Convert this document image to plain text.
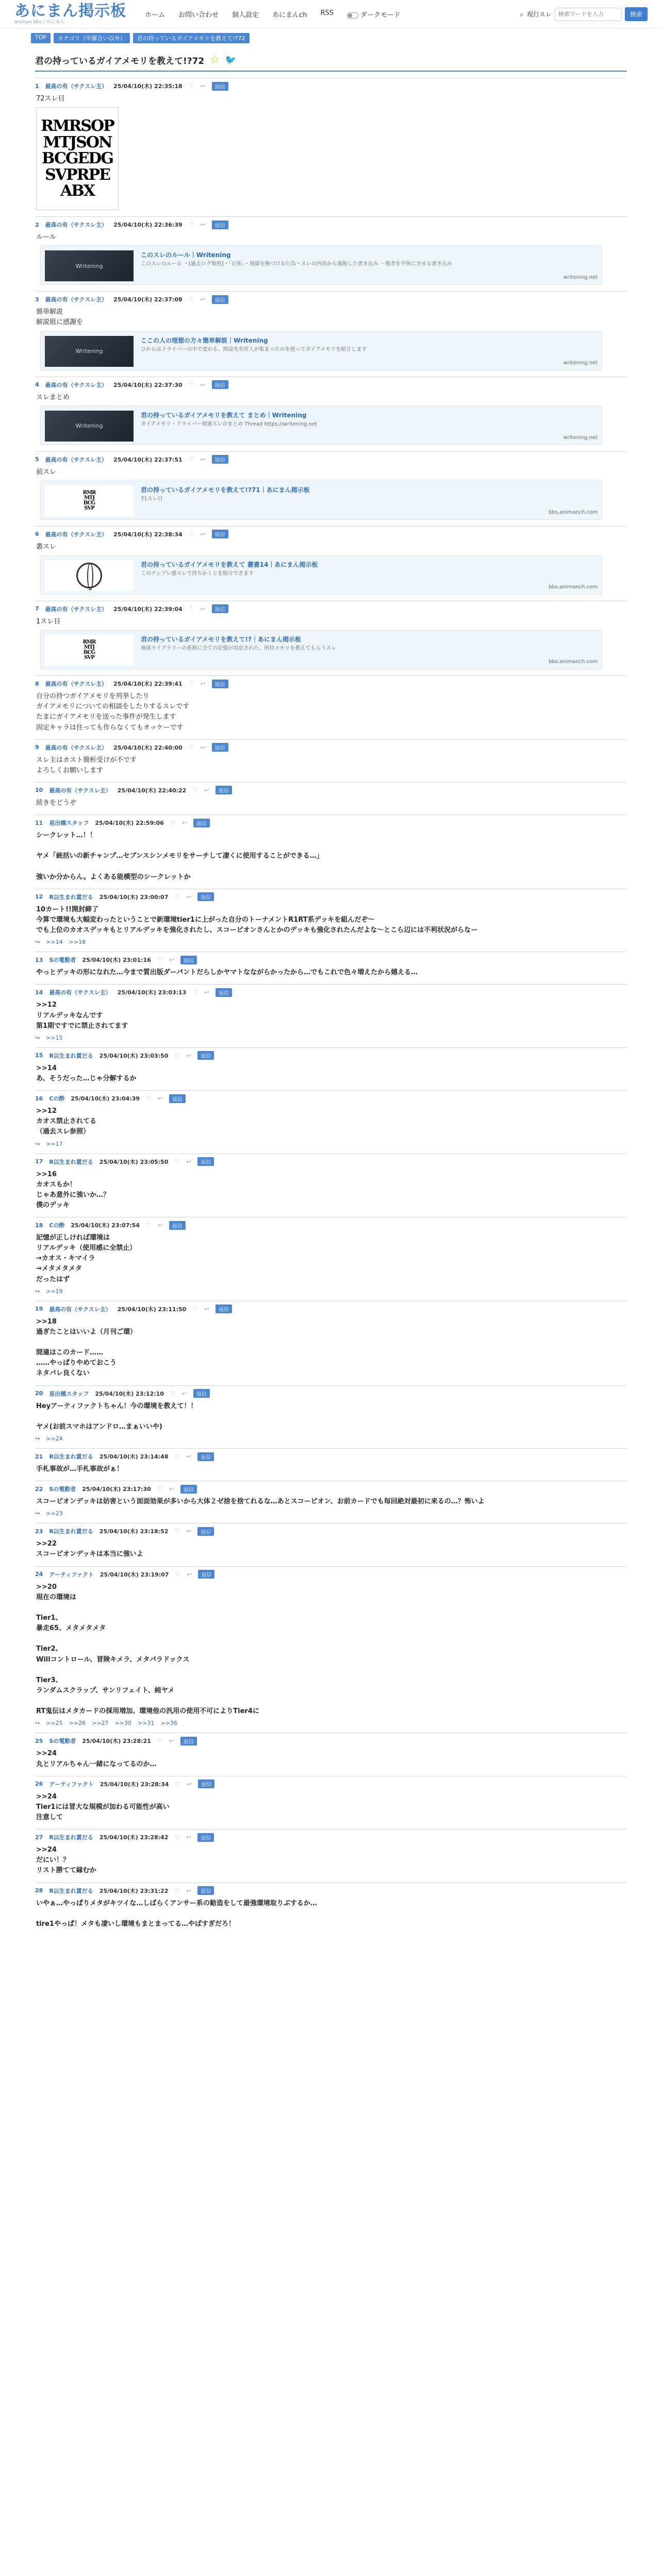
あにまん掲示板
animan bbs | あにまん
ホーム お問い合わせ 個人設定 あにまんch RSS	ダークモード	⌕ 現行スレ
検索ワードを入力	検索
TOP	カテゴリ（甲羅合い以外）	君の持っているガイアメモリを教えて!?72
君の持っているガイアメモリを教えて!?72 ☆ 🐦
1 最高の有（サクスレ主） 25/04/10(木) 22:35:18 ♡ ↩	返信
72スレ目
RMRSOP
MTJSON
BCGEDG
SVPRPE
ABX
2 最高の有（サクスレ主） 25/04/10(木) 22:36:39 ♡ ↩	返信
ルール
Writening
このスレのルール｜Writening
このスレのルール ・[過去ログ参照]・「正体」・地獄を無づける行為・スレの内容から逸脱した書き込み ・他者を不快にさせる書き込み
writening.net
3 最高の有（サクスレ主） 25/04/10(木) 22:37:08 ♡ ↩	返信
簡単解説
解説組に感謝を
Writening
ここの人の理想の方々簡単解説｜Writening
ひからはドライバーの中で変わる、開設先名所人が集まったのを使ってガイアメモリを紹介します
writening.net
4 最高の有（サクスレ主） 25/04/10(木) 22:37:30 ♡ ↩	返信
スレまとめ
Writening
君の持っているガイアメモリを教えて まとめ｜Writening
ガイアメモリ・ドライバー関連スレのまとめ Thread https://writening.net
writening.net
5 最高の有（サクスレ主） 25/04/10(木) 22:37:51 ♡ ↩	返信
前スレ
RMR
MTJ
BCG
SVP
君の持っているガイアメモリを教えて!?71｜あにまん掲示板
71スレ目
bbs.animanch.com
6 最高の有（サクスレ主） 25/04/10(木) 22:38:34 ♡ ↩	返信
叢スレ
君の持っているガイアメモリを教えて 叢書14｜あにまん掲示板
このテンプレ感スレで持ちかくとを紹介できます
bbs.animanch.com
7 最高の有（サクスレ主） 25/04/10(木) 22:39:04 ♡ ↩	返信
1スレ目
RMR
MTJ
BCG
SVP
君の持っているガイアメモリを教えて!?｜あにまん掲示板
地球ライブラリーの系統に全ての記憶が用意された、所持メモリを教えてもらうスレ
bbs.animanch.com
8 最高の有（サクスレ主） 25/04/10(木) 22:39:41 ♡ ↩	返信
自分の持つガイアメモリを列挙したり
ガイアメモリについての相談をしたりするスレです
たまにガイアメモリを送った事件が発生します
固定キャラは住っても作らなくてもオッケーです
9 最高の有（サクスレ主） 25/04/10(木) 22:40:00 ♡ ↩	返信
スレ主はカスト簡析受けが不です
よろしくお願いします
10 最高の有（サクスレ主） 25/04/10(木) 22:40:22 ♡ ↩	返信
続きをどうぞ
11 星出橋スタッフ 25/04/10(木) 22:59:06 ♡ ↩	返信
シークレット…！！

ヤメ「統括いの新チャンプ…セブンスシンメモリをサーチして凄くに使用することができる…」

強いか分からん。よくある能横型のシークレットか
12 R以生まれ賞だる 25/04/10(木) 23:00:07 ♡ ↩	返信
10カート!!開封締了
今算で環境も大幅変わったということで新環境tier1に上がった自分のトーナメントR1RT系デッキを組んだぞ〜
でも上位のカオスデッキもとリアルデッキを強化されたし、スコーピオンさんとかのデッキも強化されたんだよな〜とこら辺には不利状況がらなー
↪ >>14 >>16
13 Sの電動者 25/04/10(木) 23:01:16 ♡ ↩	返信
やっとデッキの形になれた…今まで質出版ダーパントだらしかヤマトなながらかったから…でもこれで色々増えたから嬉える…
14 最高の有（サクスレ主） 25/04/10(木) 23:03:13 ♡ ↩	返信
>>12
リアルデッキなんです
第1期ですでに禁止されてます
↪ >>15
15 R以生まれ賞だる 25/04/10(木) 23:03:50 ♡ ↩	返信
>>14
あ、そうだった…じゃ分解するか
16 Cの酔 25/04/10(木) 23:04:39 ♡ ↩	返信
>>12
カオス禁止されてる
（過去スレ参照）
↪ >>17
17 R以生まれ賞だる 25/04/10(木) 23:05:50 ♡ ↩	返信
>>16
カオスもか！
じゃあ意外に強いか…？
僕のデッキ
18 Cの酔 25/04/10(木) 23:07:54 ♡ ↩	返信
記憶が正しければ環境は
リアルデッキ（使用感に全禁止）
→カオス・キマイラ
→メタメタメタ
だったはず
↪ >>19
19 最高の有（サクスレ主） 25/04/10(木) 23:11:50 ♡ ↩	返信
>>18
過ぎたことはいいよ（月刊ご環）

間違はこのカード……
……やっぱりやめておこう
ネタバレ良くない
20 星出橋スタッフ 25/04/10(木) 23:12:10 ♡ ↩	返信
Heyアーティファクトちゃん！今の環境を教えて！！

ヤメ(お前スマホはアンドロ…まぁいいや)
↪ >>24
21 R以生まれ賞だる 25/04/10(木) 23:14:48 ♡ ↩	返信
手札事故が…手札事故がぁ！
22 Sの電動者 25/04/10(木) 23:17:30 ♡ ↩	返信
スコーピオンデッキは妨害という面面効果が多いから大体２ゼ捨を捨てれるな…あとスコーピオン、お前カードでも毎回絶対最初に来るの…？怖いよ
↪ >>23
23 R以生まれ賞だる 25/04/10(木) 23:18:52 ♡ ↩	返信
>>22
スコーピオンデッキは本当に強いよ
24 アーティファクト 25/04/10(木) 23:19:07 ♡ ↩	返信
>>20
現在の環境は

Tier1、
暴走65、メタメタメタ

Tier2、
Willコントロール、冒険キメラ、メタパラドックス

Tier3、
ランダムスクラップ、サンリフェイト、純ヤメ

RT鬼伝はメタカードの採用増加、環境他の汎用の使用不可によりTier4に
↪ >>25 >>26 >>27 >>30 >>31 >>36
25 Sの電動者 25/04/10(木) 23:28:21 ♡ ↩	返信
>>24
丸とリアルちゃん一緒になってるのか…
26 アーティファクト 25/04/10(木) 23:28:34 ♡ ↩	返信
>>24
Tier1には冒大な規模が加わる可能性が高い
注意して
27 R以生まれ賞だる 25/04/10(木) 23:28:42 ♡ ↩	返信
>>24
だにい！？
リスト勝てて縁むか
28 R以生まれ賞だる 25/04/10(木) 23:31:22 ♡ ↩	返信
いやぁ…やっぱりメタがキツイな…しばらくアンサー系の勧造をして最強環境取りぶするか…

tire1やっぱ！メタも凄いし環境もまとまってる…やばすぎだろ！
